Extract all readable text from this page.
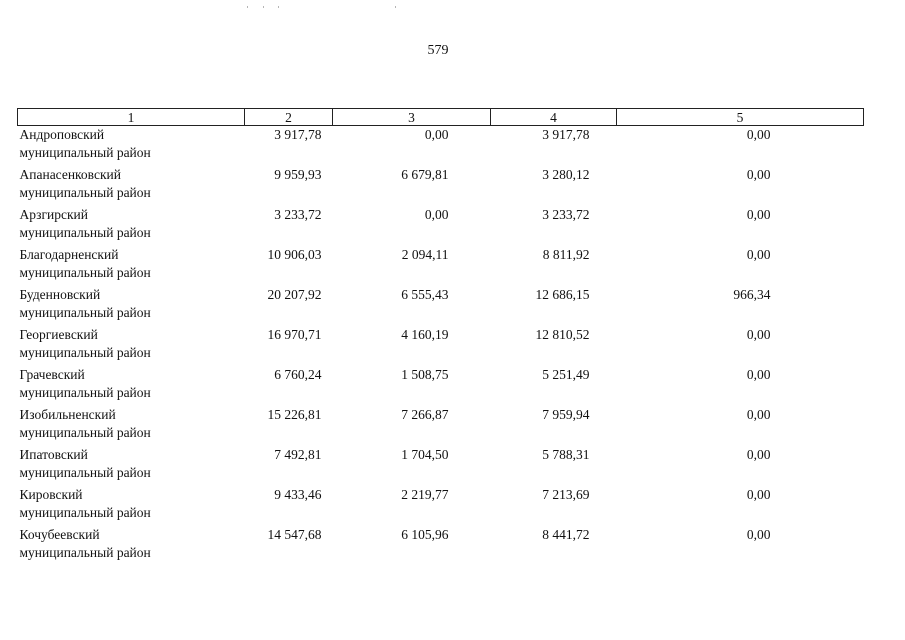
579
1	2	3	4	5

Андроповский
муниципальный район	3 917,78	0,00	3 917,78	0,00

Апанасенковский
муниципальный район	9 959,93	6 679,81	3 280,12	0,00

Арзгирский
муниципальный район	3 233,72	0,00	3 233,72	0,00

Благодарненский
муниципальный район	10 906,03	2 094,11	8 811,92	0,00

Буденновский
муниципальный район	20 207,92	6 555,43	12 686,15	966,34

Георгиевский
муниципальный район	16 970,71	4 160,19	12 810,52	0,00

Грачевский
муниципальный район	6 760,24	1 508,75	5 251,49	0,00

Изобильненский
муниципальный район	15 226,81	7 266,87	7 959,94	0,00

Ипатовский
муниципальный район	7 492,81	1 704,50	5 788,31	0,00

Кировский
муниципальный район	9 433,46	2 219,77	7 213,69	0,00

Кочубеевский
муниципальный район	14 547,68	6 105,96	8 441,72	0,00
